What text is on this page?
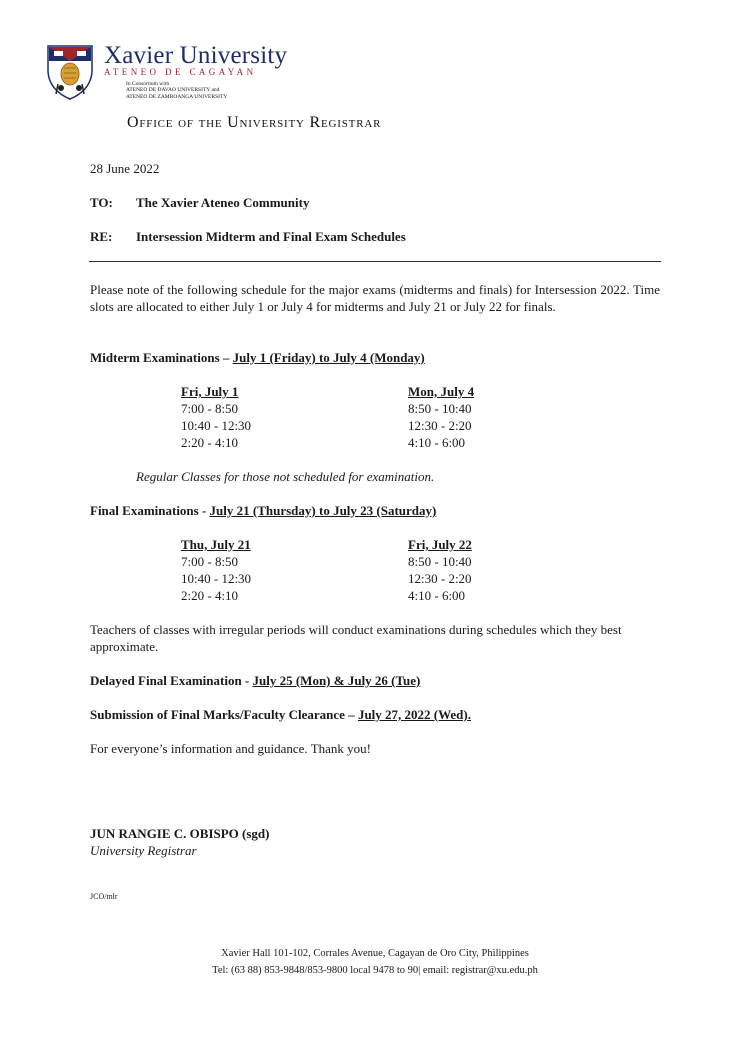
Xavier University
ATENEO DE CAGAYAN
In Consortium with
ATENEO DE DAVAO UNIVERSITY and
ATENEO DE ZAMBOANGA UNIVERSITY
Office of the University Registrar
28 June 2022
TO: The Xavier Ateneo Community
RE: Intersession Midterm and Final Exam Schedules
Please note of the following schedule for the major exams (midterms and finals) for Intersession 2022. Time slots are allocated to either July 1 or July 4 for midterms and July 21 or July 22 for finals.
Midterm Examinations – July 1 (Friday) to July 4 (Monday)
Fri, July 1	Mon, July 4
7:00 - 8:50
10:40 - 12:30
2:20 - 4:10
8:50 - 10:40
12:30 - 2:20
4:10 - 6:00
Regular Classes for those not scheduled for examination.
Final Examinations - July 21 (Thursday) to July 23 (Saturday)
Thu, July 21	Fri, July 22
7:00 - 8:50
10:40 - 12:30
2:20 - 4:10
8:50 - 10:40
12:30 - 2:20
4:10 - 6:00
Teachers of classes with irregular periods will conduct examinations during schedules which they best approximate.
Delayed Final Examination - July 25 (Mon) & July 26 (Tue)
Submission of Final Marks/Faculty Clearance – July 27, 2022 (Wed).
For everyone’s information and guidance. Thank you!
JUN RANGIE C. OBISPO (sgd)
University Registrar
JCO/mlr
Xavier Hall 101-102, Corrales Avenue, Cagayan de Oro City, Philippines
Tel: (63 88) 853-9848/853-9800 local 9478 to 90| email: registrar@xu.edu.ph
